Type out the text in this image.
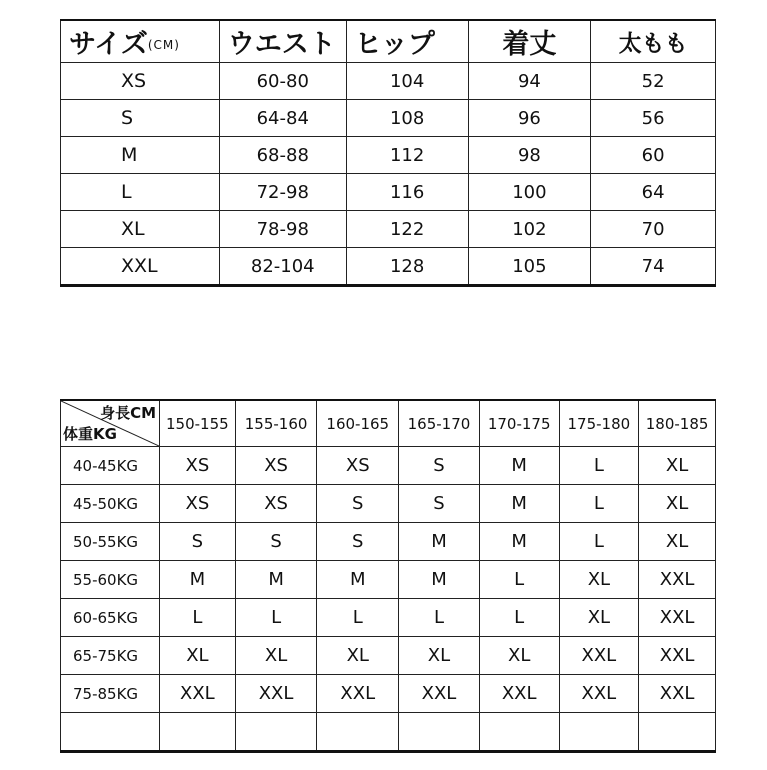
サイズ(CM)	ウエスト	ヒップ	着丈	太もも
XS	60-80	104	94	52
S	64-84	108	96	56
M	68-88	112	98	60
L	72-98	116	100	64
XL	78-98	122	102	70
XXL	82-104	128	105	74
身長CM
体重KG	150-155	155-160	160-165	165-170	170-175	175-180	180-185
40-45KG	XS	XS	XS	S	M	L	XL
45-50KG	XS	XS	S	S	M	L	XL
50-55KG	S	S	S	M	M	L	XL
55-60KG	M	M	M	M	L	XL	XXL
60-65KG	L	L	L	L	L	XL	XXL
65-75KG	XL	XL	XL	XL	XL	XXL	XXL
75-85KG	XXL	XXL	XXL	XXL	XXL	XXL	XXL
